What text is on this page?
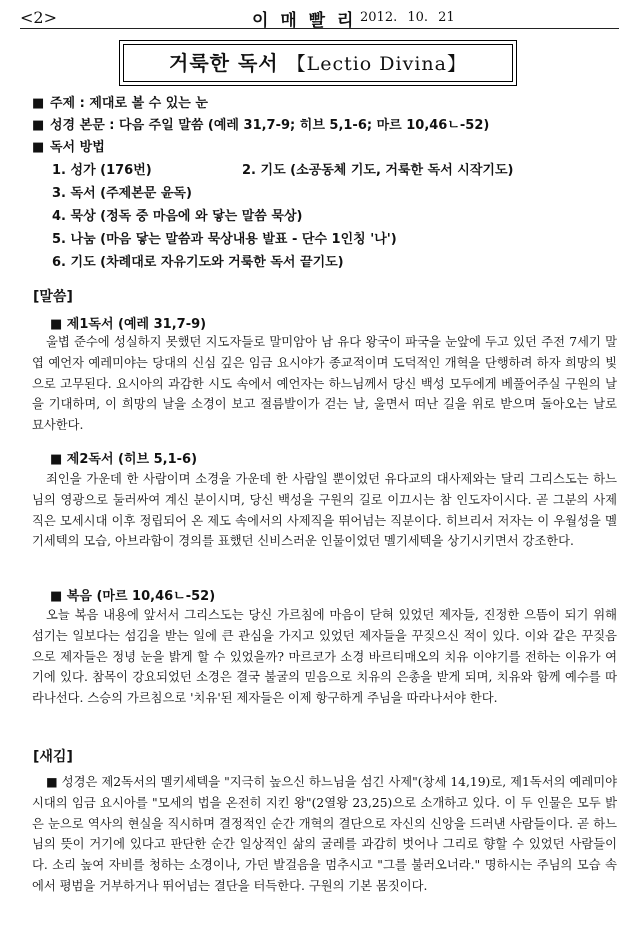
<2>	이 매 빨 리 2012. 10. 21
거룩한 독서 【Lectio Divina】
■ 주제 : 제대로 볼 수 있는 눈
■ 성경 본문 : 다음 주일 말씀 (예레 31,7-9; 히브 5,1-6; 마르 10,46ㄴ-52)
■ 독서 방법
1. 성가 (176번)	2. 기도 (소공동체 기도, 거룩한 독서 시작기도)
3. 독서 (주제본문 윤독)
4. 묵상 (정독 중 마음에 와 닿는 말씀 묵상)
5. 나눔 (마음 닿는 말씀과 묵상내용 발표 - 단수 1인칭 '나')
6. 기도 (차례대로 자유기도와 거룩한 독서 끝기도)
[말씀]
■ 제1독서 (예레 31,7-9)

울볍 준수에 성실하지 못했던 지도자들로 말미암아 남 유다 왕국이 파국을 눈앞에 두고 있던 주전 7세기 말엽 예언자 예레미야는 당대의 신심 깊은 임금 요시야가 종교적이며 도덕적인 개혁을 단행하려 하자 희망의 빛으로 고무된다. 요시아의 과감한 시도 속에서 예언자는 하느님께서 당신 백성 모두에게 베풀어주실 구원의 날을 기대하며, 이 희망의 날을 소경이 보고 절름발이가 걷는 날, 울면서 떠난 길을 위로 받으며 돌아오는 날로 묘사한다.

■ 제2독서 (히브 5,1-6)

죄인을 가운데 한 사람이며 소경을 가운데 한 사람일 뿐이었던 유다교의 대사제와는 달리 그리스도는 하느님의 영광으로 둘러싸여 계신 분이시며, 당신 백성을 구원의 길로 이끄시는 참 인도자이시다. 곧 그분의 사제직은 모세시대 이후 정립되어 온 제도 속에서의 사제직을 뛰어넘는 직분이다. 히브리서 저자는 이 우월성을 멜기세텍의 모습, 아브라함이 경의를 표했던 신비스러운 인물이었던 멜기세텍을 상기시키면서 강조한다.

■ 복음 (마르 10,46ㄴ-52)

오늘 복음 내용에 앞서서 그리스도는 당신 가르침에 마음이 닫혀 있었던 제자들, 진정한 으뜸이 되기 위해 섬기는 일보다는 섬김을 받는 일에 큰 관심을 가지고 있었던 제자들을 꾸짖으신 적이 있다. 이와 같은 꾸짖음으로 제자들은 정녕 눈을 밝게 할 수 있었을까? 마르코가 소경 바르티매오의 치유 이야기를 전하는 이유가 여기에 있다. 참목이 강요되었던 소경은 결국 불굴의 믿음으로 치유의 은총을 받게 되며, 치유와 함께 예수를 따라나선다. 스승의 가르침으로 '치유'된 제자들은 이제 항구하게 주님을 따라나서야 한다.

[새김]

■ 성경은 제2독서의 멜키세텍을 "지극히 높으신 하느님을 섬긴 사제"(창세 14,19)로, 제1독서의 예레미야 시대의 임금 요시아를 "모세의 법을 온전히 지킨 왕"(2열왕 23,25)으로 소개하고 있다. 이 두 인물은 모두 밝은 눈으로 역사의 현실을 직시하며 결정적인 순간 개혁의 결단으로 자신의 신앙을 드러낸 사람들이다. 곧 하느님의 뜻이 거기에 있다고 판단한 순간 일상적인 삶의 굴레를 과감히 벗어나 그리로 향할 수 있었던 사람들이다. 소리 높여 자비를 청하는 소경이나, 가던 발걸음을 멈추시고 "그를 불러오너라." 명하시는 주님의 모습 속에서 평범을 거부하거나 뛰어넘는 결단을 터득한다. 구원의 기본 몸짓이다.
